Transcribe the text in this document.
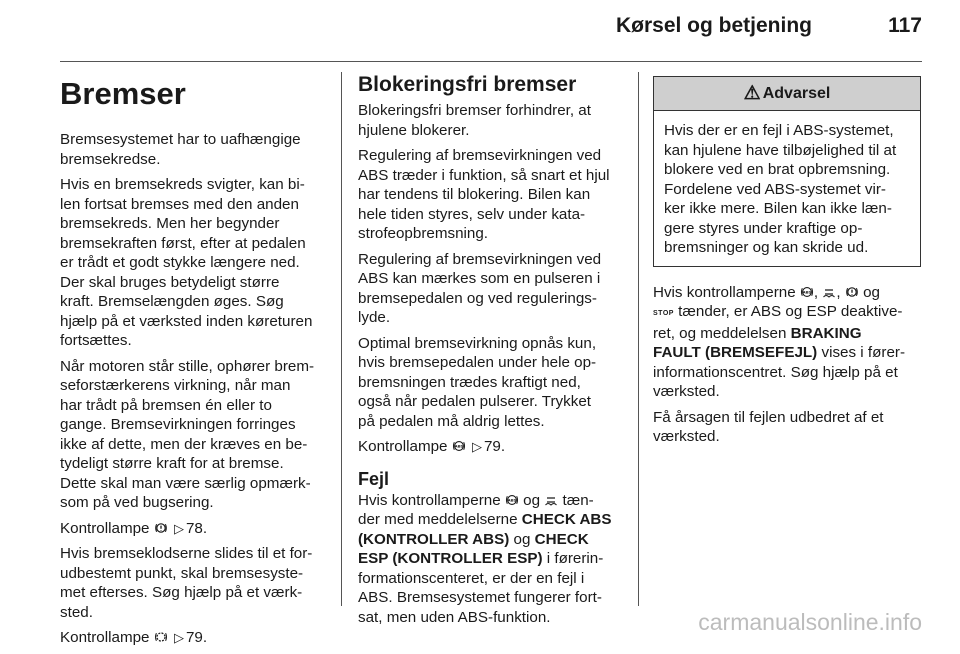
Kørsel og betjening	117
Bremser

Bremsesystemet har to uafhængige
bremsekredse.

Hvis en bremsekreds svigter, kan bi-
len fortsat bremses med den anden
bremsekreds. Men her begynder
bremsekraften først, efter at pedalen
er trådt et godt stykke længere ned.
Der skal bruges betydeligt større
kraft. Bremselængden øges. Søg
hjælp på et værksted inden køreturen
fortsættes.

Når motoren står stille, ophører brem-
seforstærkerens virkning, når man
har trådt på bremsen én eller to
gange. Bremsevirkningen forringes
ikke af dette, men der kræves en be-
tydeligt større kraft for at bremse.
Dette skal man være særlig opmærk-
som på ved bugsering.

Kontrollampe ▷ 78.

Hvis bremseklodserne slides til et for-
udbestemt punkt, skal bremsesyste-
met efterses. Søg hjælp på et værk-
sted.

Kontrollampe ▷ 79.

Blokeringsfri bremser

Blokeringsfri bremser forhindrer, at
hjulene blokerer.

Regulering af bremsevirkningen ved
ABS træder i funktion, så snart et hjul
har tendens til blokering. Bilen kan
hele tiden styres, selv under kata-
strofeopbremsning.

Regulering af bremsevirkningen ved
ABS kan mærkes som en pulseren i
bremsepedalen og ved regulerings-
lyde.

Optimal bremsevirkning opnås kun,
hvis bremsepedalen under hele op-
bremsningen trædes kraftigt ned,
også når pedalen pulserer. Trykket
på pedalen må aldrig lettes.

Kontrollampe ABS ▷ 79.

Fejl

Hvis kontrollamperne ABS og tæn-
der med meddelelserne CHECK ABS
(KONTROLLER ABS) og CHECK
ESP (KONTROLLER ESP) i førerin-
formationscenteret, er der en fejl i
ABS. Bremsesystemet fungerer fort-
sat, men uden ABS-funktion.

⚠ Advarsel
Hvis der er en fejl i ABS-systemet,
kan hjulene have tilbøjelighed til at
blokere ved en brat opbremsning.
Fordelene ved ABS-systemet vir-
ker ikke mere. Bilen kan ikke læn-
gere styres under kraftige op-
bremsninger og kan skride ud.

Hvis kontrollamperne ABS , , og
STOP tænder, er ABS og ESP deaktive-
ret, og meddelelsen BRAKING
FAULT (BREMSEFEJL) vises i fører-
informationscentret. Søg hjælp på et
værksted.

Få årsagen til fejlen udbedret af et
værksted.

carmanualsonline.info
